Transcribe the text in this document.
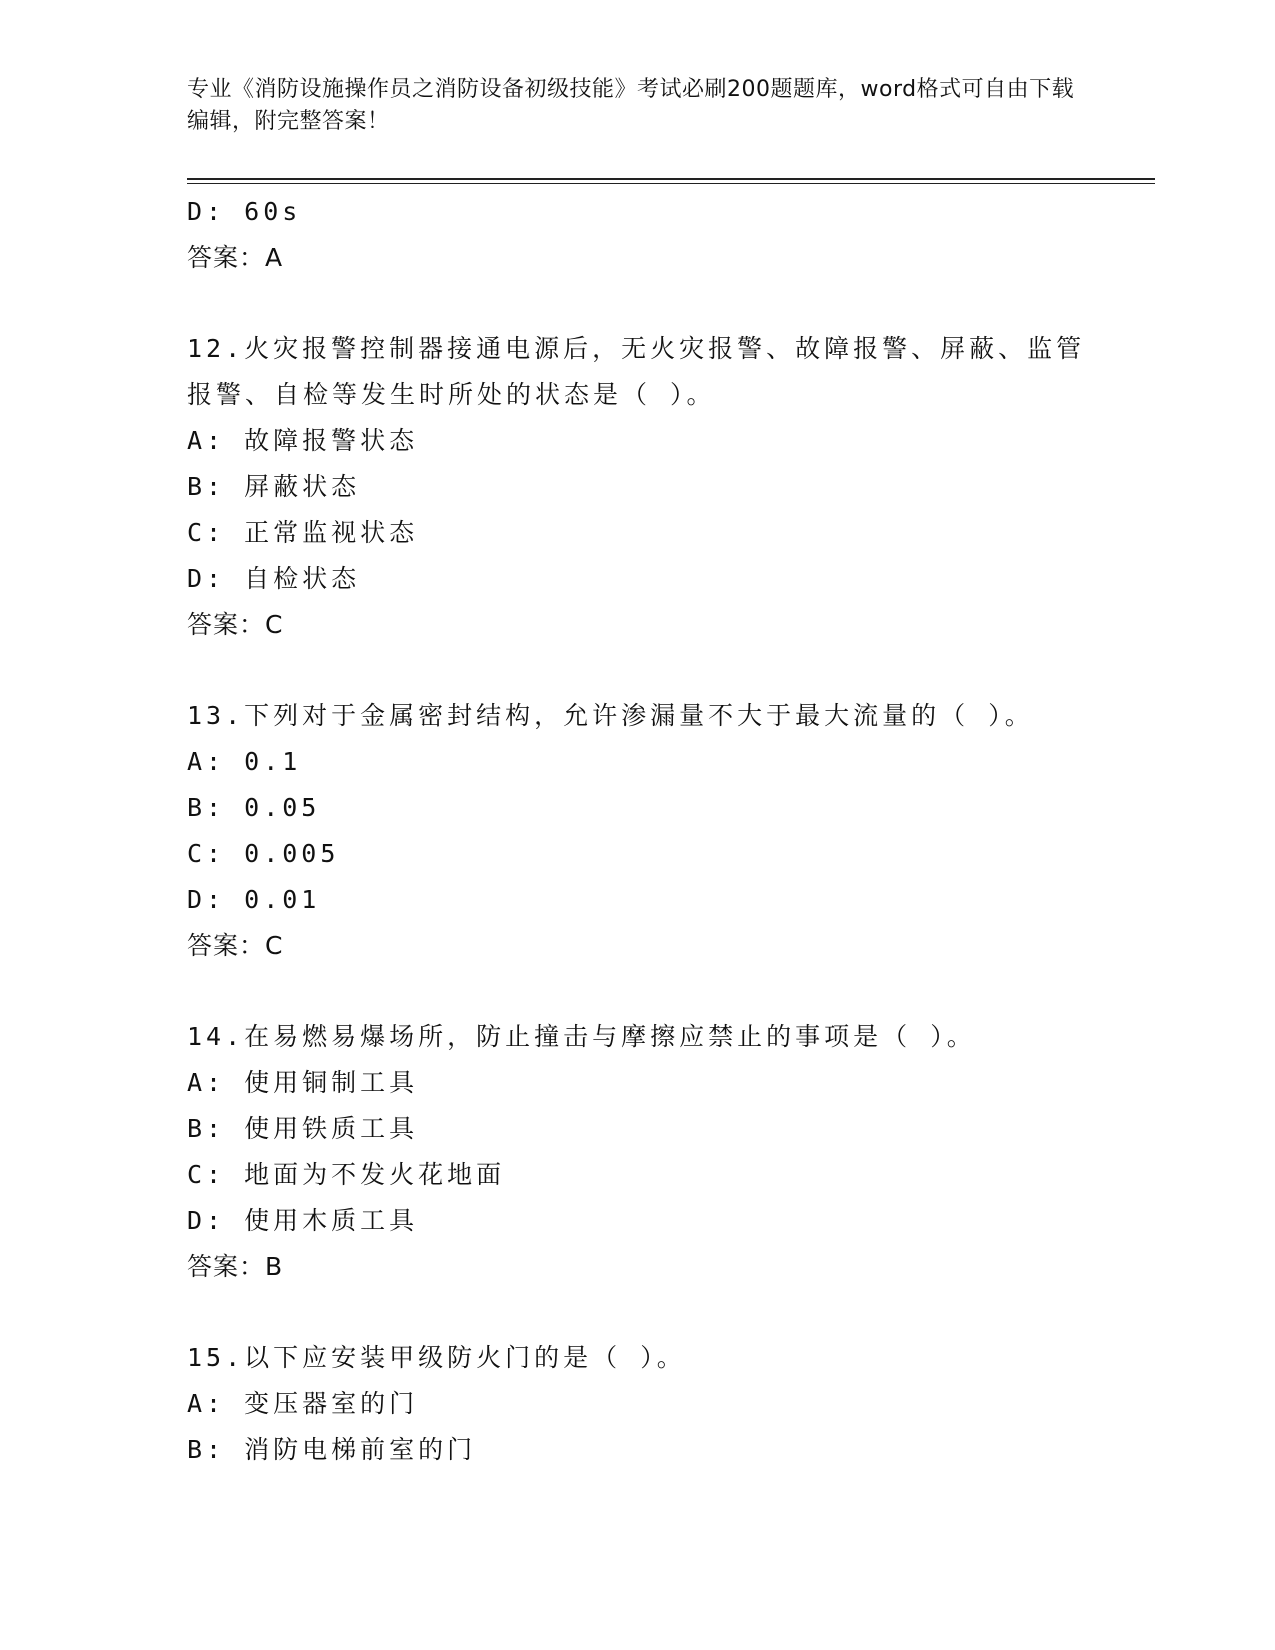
专业《消防设施操作员之消防设备初级技能》考试必刷200题题库，word格式可自由下载编辑，附完整答案！
D: 60s
答案：A
12.火灾报警控制器接通电源后，无火灾报警、故障报警、屏蔽、监管
报警、自检等发生时所处的状态是（ ）。
A: 故障报警状态
B: 屏蔽状态
C: 正常监视状态
D: 自检状态
答案：C
13.下列对于金属密封结构，允许渗漏量不大于最大流量的（ ）。
A: 0.1
B: 0.05
C: 0.005
D: 0.01
答案：C
14.在易燃易爆场所，防止撞击与摩擦应禁止的事项是（ ）。
A: 使用铜制工具
B: 使用铁质工具
C: 地面为不发火花地面
D: 使用木质工具
答案：B
15.以下应安装甲级防火门的是（ ）。
A: 变压器室的门
B: 消防电梯前室的门
